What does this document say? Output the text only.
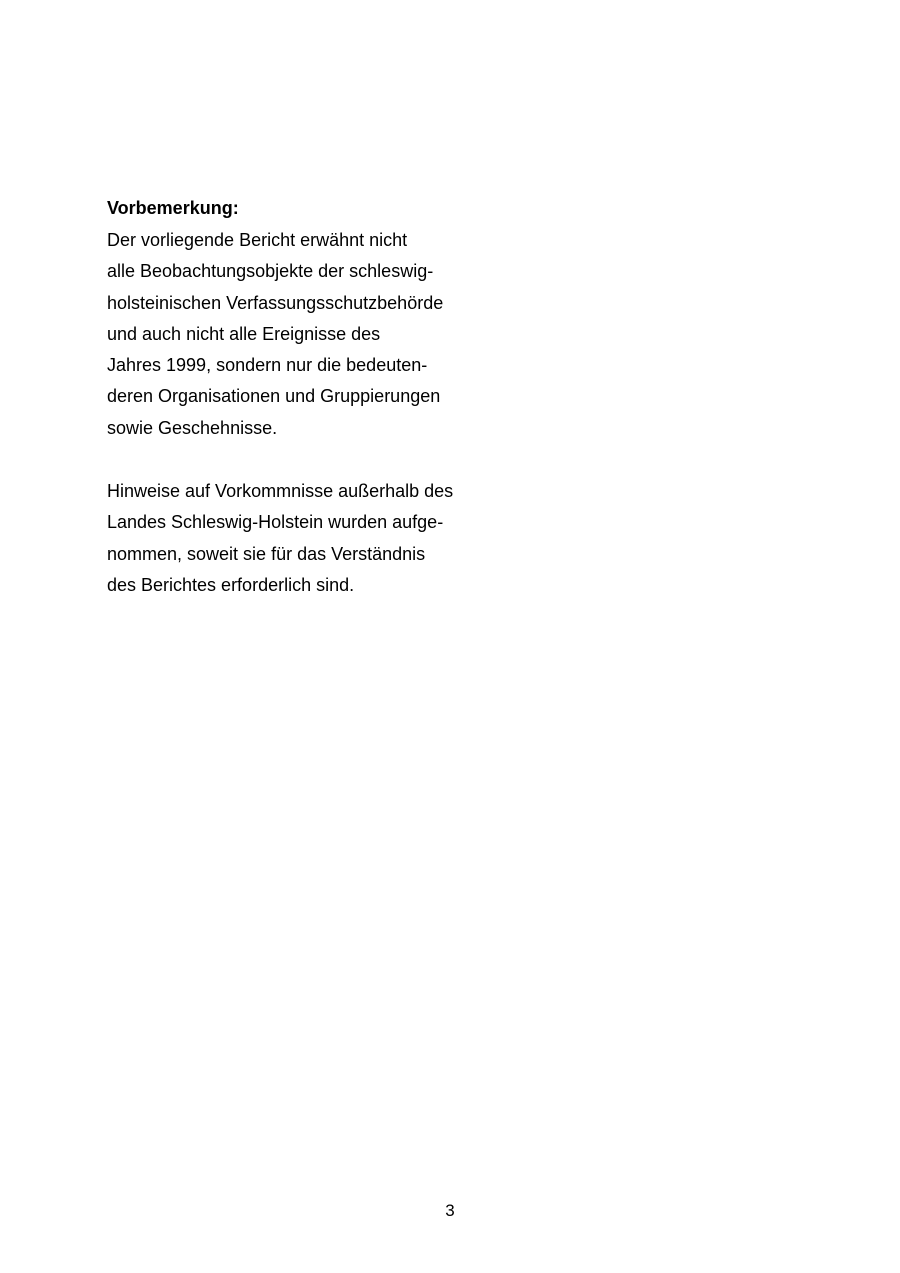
Vorbemerkung:
Der vorliegende Bericht erwähnt nicht
alle Beobachtungsobjekte der schleswig-
holsteinischen Verfassungsschutzbehörde
und auch nicht alle Ereignisse des
Jahres 1999, sondern nur die bedeuten-
deren Organisationen und Gruppierungen
sowie Geschehnisse.
Hinweise auf Vorkommnisse außerhalb des
Landes Schleswig-Holstein wurden aufge-
nommen, soweit sie für das Verständnis
des Berichtes erforderlich sind.
3
